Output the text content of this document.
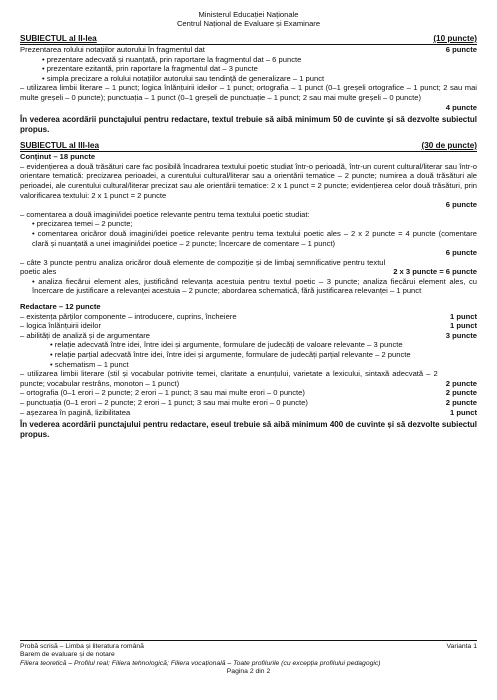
Ministerul Educației Naționale
Centrul Național de Evaluare și Examinare
SUBIECTUL al II-lea	(10 puncte)
Prezentarea rolului notațiilor autorului în fragmentul dat	6 puncte
• prezentare adecvată și nuanțată, prin raportare la fragmentul dat – 6 puncte
• prezentare ezitantă, prin raportare la fragmentul dat – 3 puncte
• simpla precizare a rolului notațiilor autorului sau tendință de generalizare – 1 punct
– utilizarea limbii literare – 1 punct; logica înlănțuirii ideilor – 1 punct; ortografia – 1 punct (0–1 greșeli ortografice – 1 punct; 2 sau mai multe greșeli – 0 puncte); punctuația – 1 punct (0–1 greșeli de punctuație – 1 punct; 2 sau mai multe greșeli – 0 puncte)
4 puncte
În vederea acordării punctajului pentru redactare, textul trebuie să aibă minimum 50 de cuvinte și să dezvolte subiectul propus.
SUBIECTUL al III-lea	(30 de puncte)
Conținut – 18 puncte
– evidențierea a două trăsături care fac posibilă încadrarea textului poetic studiat într-o perioadă, într-un curent cultural/literar sau într-o orientare tematică: precizarea perioadei, a curentului cultural/literar sau a orientării tematice – 2 puncte; numirea a două trăsături ale perioadei, ale curentului cultural/literar precizat sau ale orientării tematice: 2 x 1 punct = 2 puncte; evidențierea celor două trăsături, prin valorificarea textului: 2 x 1 punct = 2 puncte
6 puncte
– comentarea a două imagini/idei poetice relevante pentru tema textului poetic studiat:
• precizarea temei – 2 puncte;
• comentarea oricăror două imagini/idei poetice relevante pentru tema textului poetic ales – 2 x 2 puncte = 4 puncte (comentare clară și nuanțată a unei imagini/idei poetice – 2 puncte; încercare de comentare – 1 punct)
6 puncte
– câte 3 puncte pentru analiza oricăror două elemente de compoziție și de limbaj semnificative pentru textul poetic ales	2 x 3 puncte = 6 puncte
• analiza fiecărui element ales, justificând relevanța acestuia pentru textul poetic – 3 puncte; analiza fiecărui element ales, cu încercare de justificare a relevanței acestuia – 2 puncte; abordarea schematică, fără justificarea relevanței – 1 punct
Redactare – 12 puncte
– existența părților componente – introducere, cuprins, încheiere	1 punct
– logica înlănțuirii ideilor	1 punct
– abilități de analiză și de argumentare	3 puncte
• relație adecvată între idei, între idei și argumente, formulare de judecăți de valoare relevante – 3 puncte
• relație parțial adecvată între idei, între idei și argumente, formulare de judecăți parțial relevante – 2 puncte
• schematism – 1 punct
– utilizarea limbii literare (stil și vocabular potrivite temei, claritate a enunțului, varietate a lexicului, sintaxă adecvată – 2 puncte; vocabular restrâns, monoton – 1 punct)	2 puncte
– ortografia (0–1 erori – 2 puncte; 2 erori – 1 punct; 3 sau mai multe erori – 0 puncte)	2 puncte
– punctuația (0–1 erori – 2 puncte; 2 erori – 1 punct; 3 sau mai multe erori – 0 puncte)	2 puncte
– așezarea în pagină, lizibilitatea	1 punct
În vederea acordării punctajului pentru redactare, eseul trebuie să aibă minimum 400 de cuvinte și să dezvolte subiectul propus.
Probă scrisă – Limba și literatura română	Varianta 1
Barem de evaluare și de notare
Filiera teoretică – Profilul real; Filiera tehnologică; Filiera vocațională – Toate profilurile (cu excepția profilului pedagogic)
Pagina 2 din 2
